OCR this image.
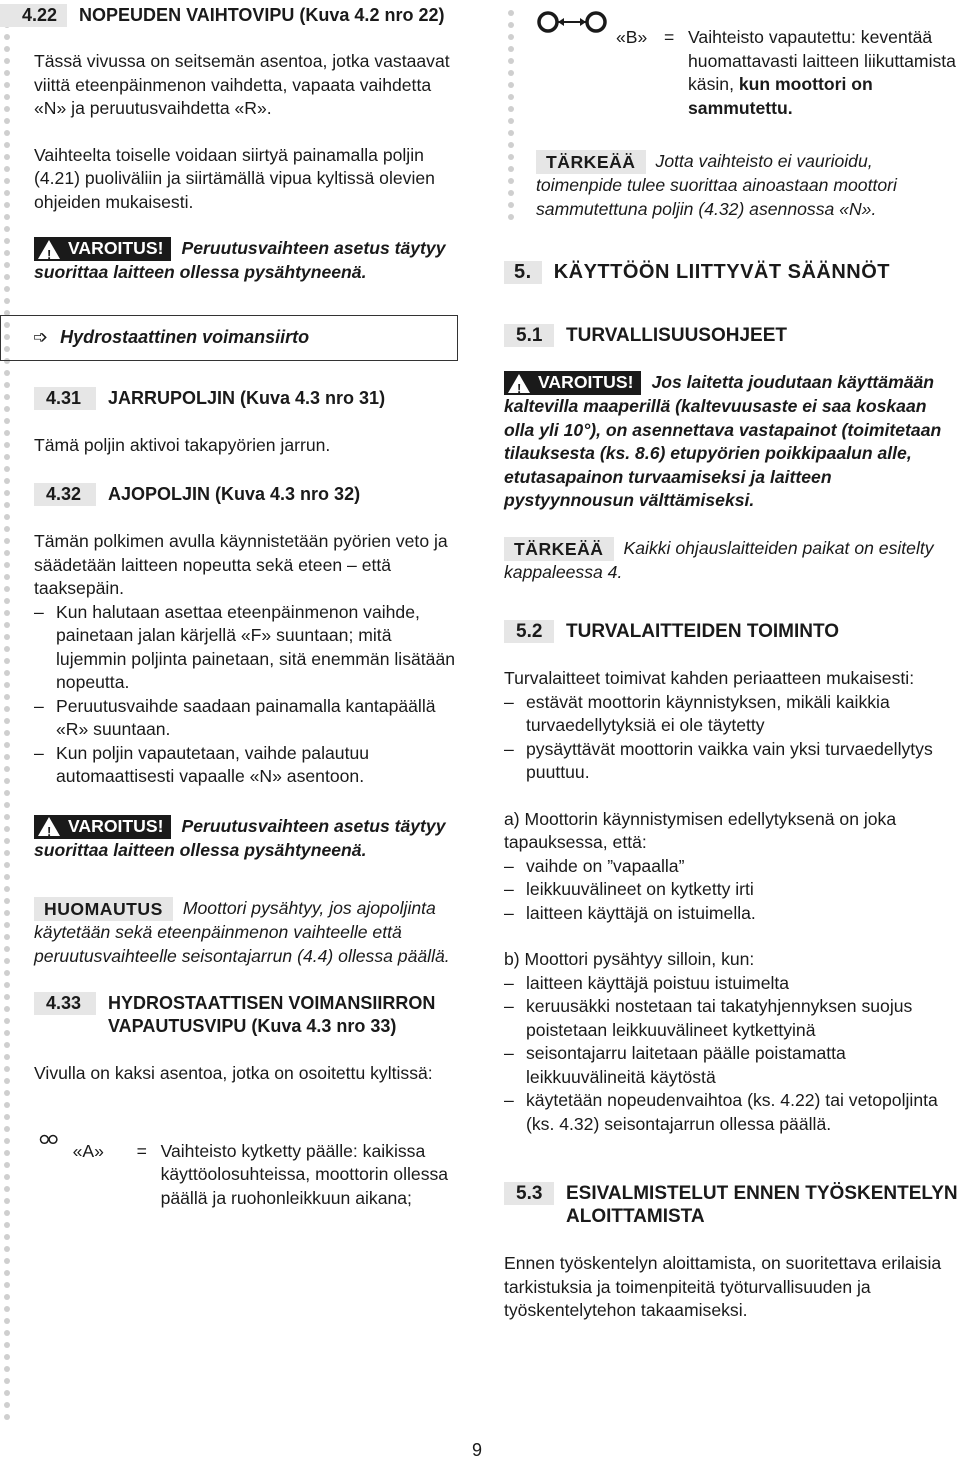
4.22	NOPEUDEN VAIHTOVIPU (Kuva 4.2 nro 22)

Tässä vivussa on seitsemän asentoa, jotka vastaavat viittä eteenpäinmenon vaihdetta, vapaata vaihdetta «N» ja peruutusvaihdetta «R».

Vaihteelta toiselle voidaan siirtyä painamalla poljin (4.21) puoliväliin ja siirtämällä vipua kyltissä olevien ohjeiden mukaisesti.

! VAROITUS! Peruutusvaihteen asetus täytyy suorittaa laitteen ollessa pysähtyneenä.

➩ Hydrostaattinen voimansiirto
4.31	JARRUPOLJIN (Kuva 4.3 nro 31)

Tämä poljin aktivoi takapyörien jarrun.

4.32	AJOPOLJIN (Kuva 4.3 nro 32)

Tämän polkimen avulla käynnistetään pyörien veto ja säädetään laitteen nopeutta sekä eteen – että taaksepäin.

– Kun halutaan asettaa eteenpäinmenon vaihde, painetaan jalan kärjellä «F» suuntaan; mitä lujemmin poljinta painetaan, sitä enemmän lisätään nopeutta.
– Peruutusvaihde saadaan painamalla kantapäällä «R» suuntaan.
– Kun poljin vapautetaan, vaihde palautuu automaattisesti vapaalle «N» asentoon.

! VAROITUS! Peruutusvaihteen asetus täytyy suorittaa laitteen ollessa pysähtyneenä.

HUOMAUTUS Moottori pysähtyy, jos ajopoljinta käytetään sekä eteenpäinmenon vaihteelle että peruutusvaihteelle seisontajarrun (4.4) ollessa päällä.

4.33	HYDROSTAATTISEN VOIMANSIIRRON VAPAUTUSVIPU (Kuva 4.3 nro 33)

Vivulla on kaksi asentoa, jotka on osoitettu kyltissä:

«A»	= Vaihteisto kytketty päälle: kaikissa käyttöolosuhteissa, moottorin ollessa päällä ja ruohonleikkuun aikana;
«B» = Vaihteisto vapautettu: keventää huomattavasti laitteen liikuttamista käsin, kun moottori on sammutettu.

TÄRKEÄÄ Jotta vaihteisto ei vaurioidu, toimenpide tulee suorittaa ainoastaan moottori sammutettuna poljin (4.32) asennossa «N».

5.	KÄYTTÖÖN LIITTYVÄT SÄÄNNÖT
5.1	TURVALLISUUSOHJEET

! VAROITUS! Jos laitetta joudutaan käyttämään kaltevilla maaperillä (kaltevuusaste ei saa koskaan olla yli 10°), on asennettava vastapainot (toimitetaan tilauksesta (ks. 8.6) etupyörien poikkipaalun alle, etutasapainon turvaamiseksi ja laitteen pystyynnousun välttämiseksi.

TÄRKEÄÄ Kaikki ohjauslaitteiden paikat on esitelty kappaleessa 4.

5.2	TURVALAITTEIDEN TOIMINTO

Turvalaitteet toimivat kahden periaatteen mukaisesti:

– estävät moottorin käynnistyksen, mikäli kaikkia turvaedellytyksiä ei ole täytetty
– pysäyttävät moottorin vaikka vain yksi turvaedellytys puuttuu.

a) Moottorin käynnistymisen edellytyksenä on joka tapauksessa, että:

– vaihde on ”vapaalla”
– leikkuuvälineet on kytketty irti
– laitteen käyttäjä on istuimella.

b) Moottori pysähtyy silloin, kun:

– laitteen käyttäjä poistuu istuimelta
– keruusäkki nostetaan tai takatyhjennyksen suojus poistetaan leikkuuvälineet kytkettyinä
– seisontajarru laitetaan päälle poistamatta leikkuuvälineitä käytöstä
– käytetään nopeudenvaihtoa (ks. 4.22) tai vetopoljinta (ks. 4.32) seisontajarrun ollessa päällä.
5.3	ESIVALMISTELUT ENNEN TYÖSKENTELYN ALOITTAMISTA

Ennen työskentelyn aloittamista, on suoritettava erilaisia tarkistuksia ja toimenpiteitä työturvallisuuden ja työskentelytehon takaamiseksi.

9
